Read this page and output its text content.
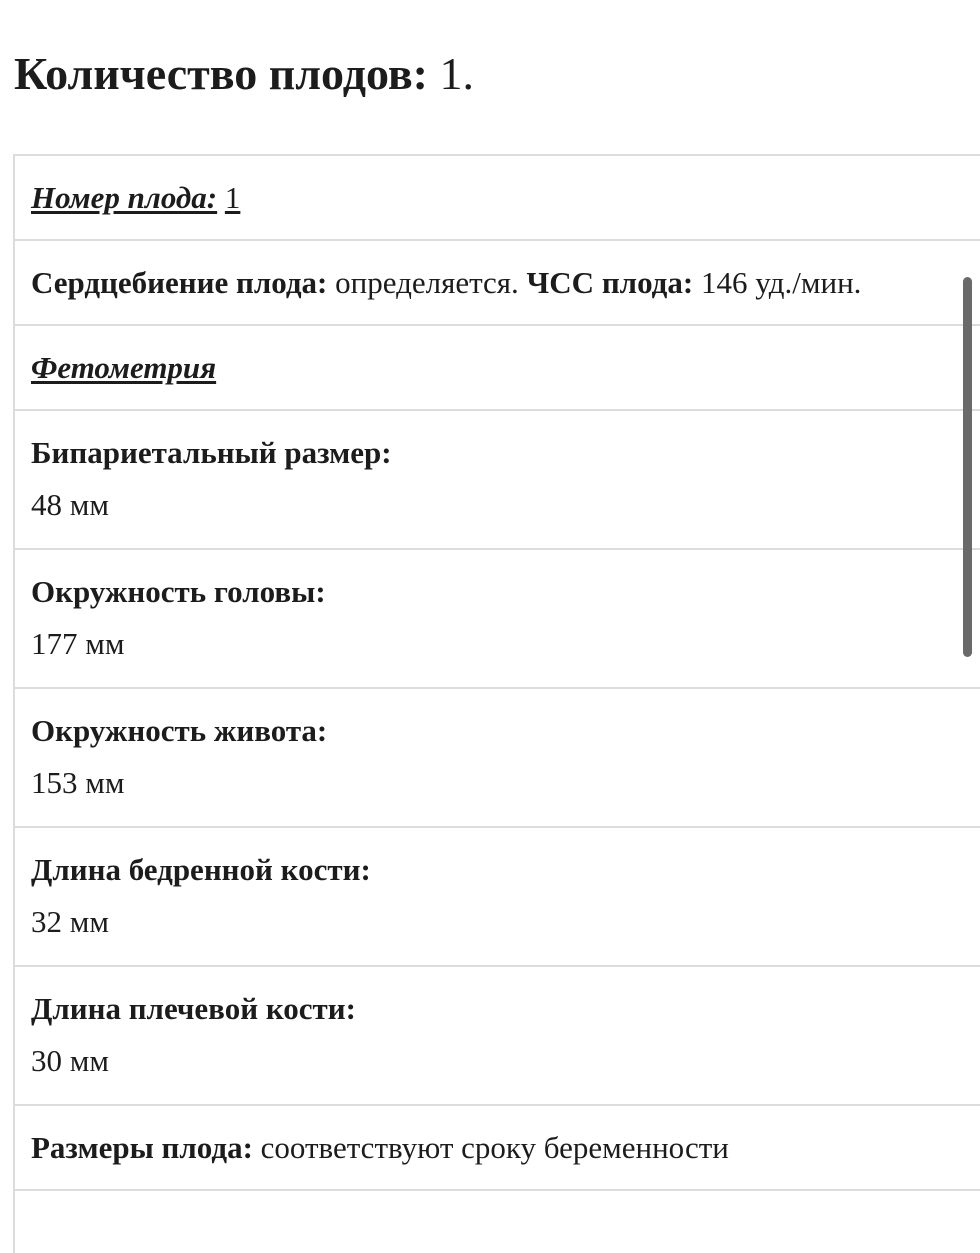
Количество плодов: 1.
Номер плода: 1
Сердцебиение плода: определяется. ЧСС плода: 146 уд./мин.
Фетометрия
Бипариетальный размер:
48 мм
Окружность головы:
177 мм
Окружность живота:
153 мм
Длина бедренной кости:
32 мм
Длина плечевой кости:
30 мм
Размеры плода: соответствуют сроку беременности
